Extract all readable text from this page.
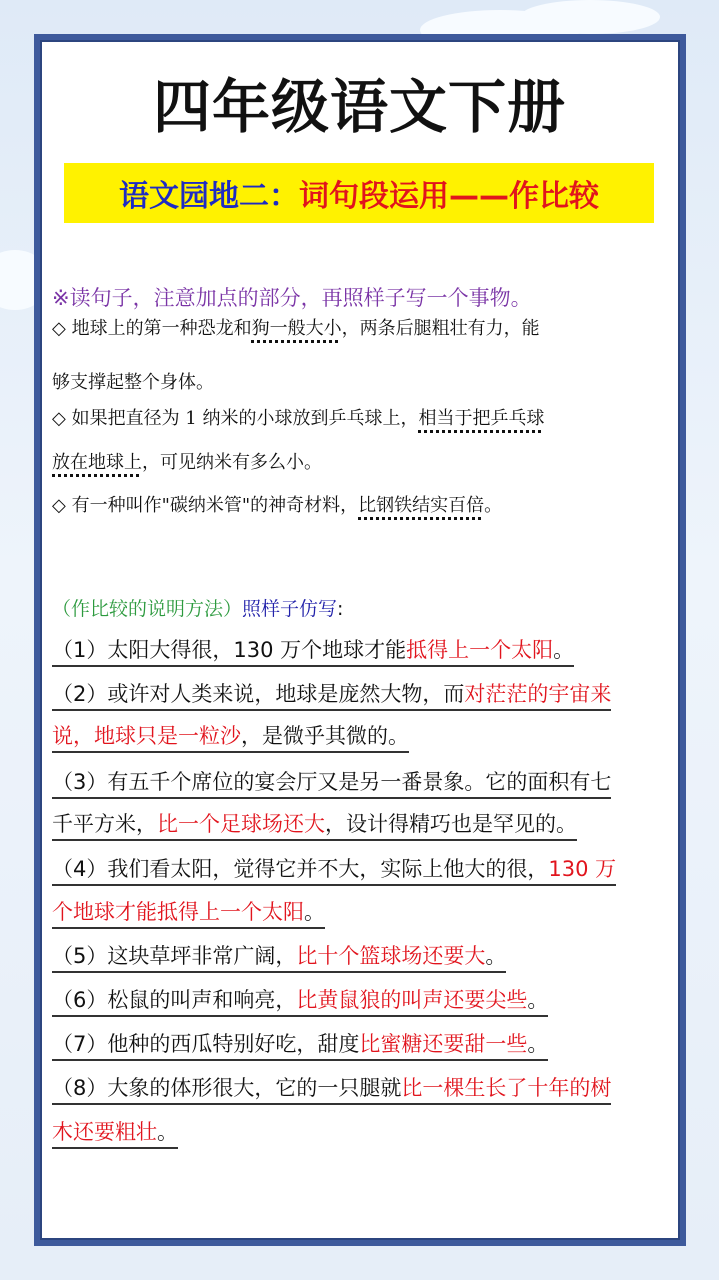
四年级语文下册
语文园地二： 词句段运用——作比较
※读句子，注意加点的部分，再照样子写一个事物。
◇ 地球上的第一种恐龙和狗一般大小，两条后腿粗壮有力，能
够支撑起整个身体。
◇ 如果把直径为 1 纳米的小球放到乒乓球上，相当于把乒乓球
放在地球上，可见纳米有多么小。
◇ 有一种叫作"碳纳米管"的神奇材料，比钢铁结实百倍。
（作比较的说明方法）照样子仿写:
（1）太阳大得很，130 万个地球才能抵得上一个太阳。
（2）或许对人类来说，地球是庞然大物，而对茫茫的宇宙来
说，地球只是一粒沙，是微乎其微的。
（3）有五千个席位的宴会厅又是另一番景象。它的面积有七
千平方米，比一个足球场还大，设计得精巧也是罕见的。
（4）我们看太阳，觉得它并不大，实际上他大的很，130 万
个地球才能抵得上一个太阳。
（5）这块草坪非常广阔，比十个篮球场还要大。
（6）松鼠的叫声和响亮，比黄鼠狼的叫声还要尖些。
（7）他种的西瓜特别好吃，甜度比蜜糖还要甜一些。
（8）大象的体形很大，它的一只腿就比一棵生长了十年的树
木还要粗壮。
